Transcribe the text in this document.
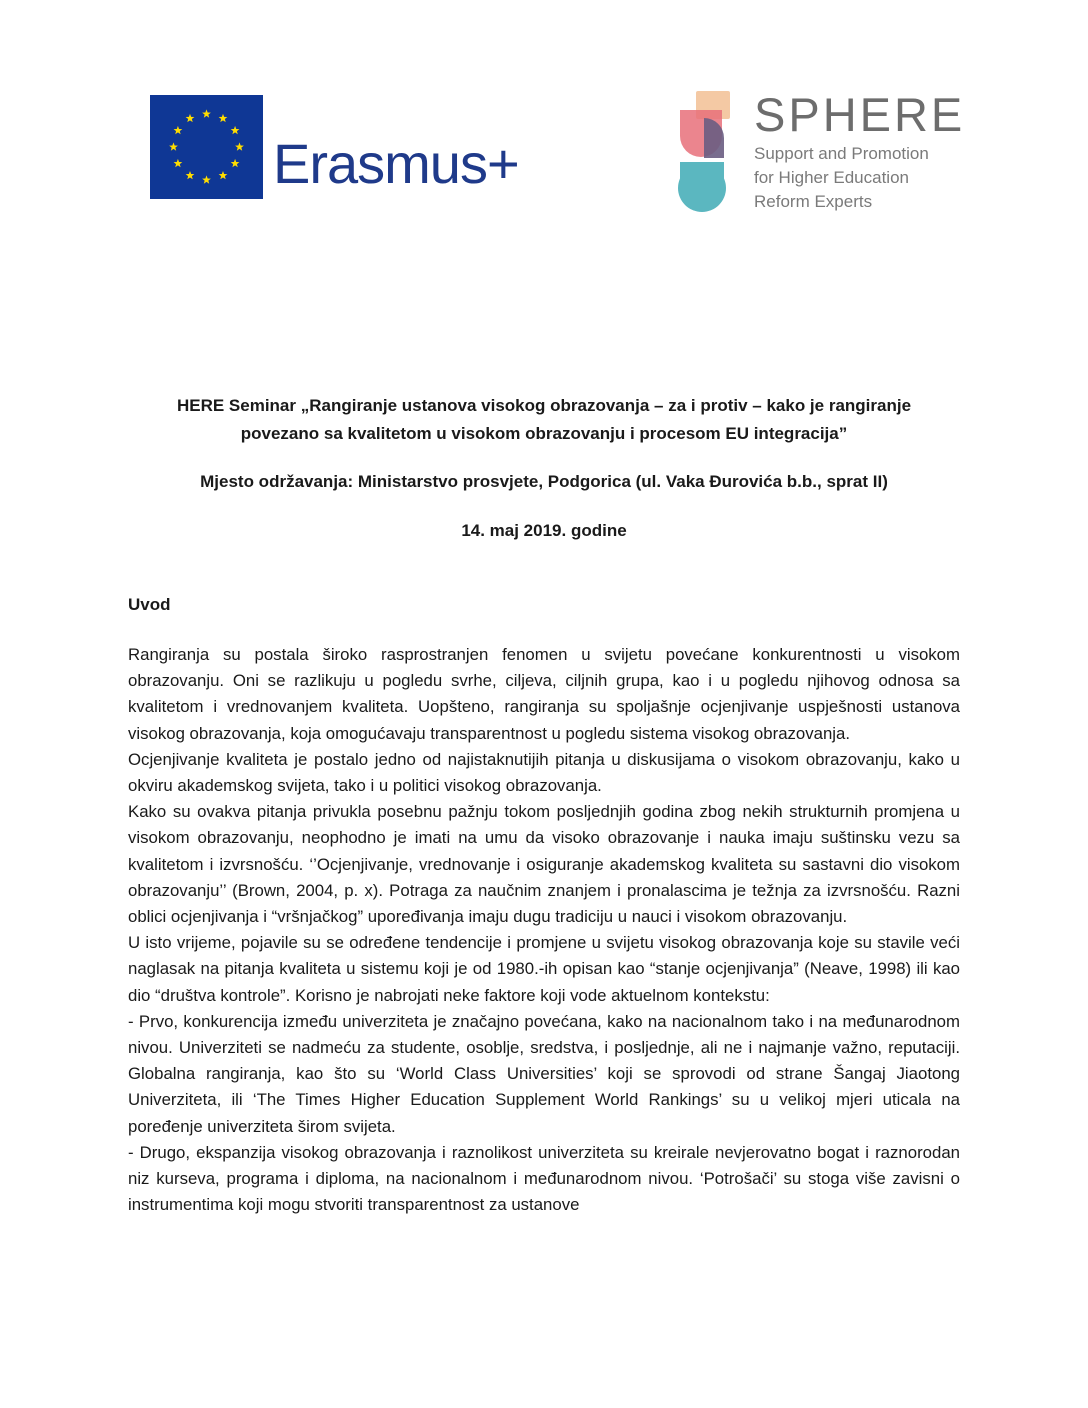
Erasmus+
SPHERE
Support and Promotion
for Higher Education
Reform Experts
HERE Seminar „Rangiranje ustanova visokog obrazovanja – za i protiv – kako je rangiranje
povezano sa kvalitetom u visokom obrazovanju i procesom EU integracija”
Mjesto održavanja: Ministarstvo prosvjete, Podgorica (ul. Vaka Đurovića b.b., sprat II)
14. maj 2019. godine
Uvod

Rangiranja su postala široko rasprostranjen fenomen u svijetu povećane konkurentnosti u visokom obrazovanju. Oni se razlikuju u pogledu svrhe, ciljeva, ciljnih grupa, kao i u pogledu njihovog odnosa sa kvalitetom i vrednovanjem kvaliteta. Uopšteno, rangiranja su spoljašnje ocjenjivanje uspješnosti ustanova visokog obrazovanja, koja omogućavaju transparentnost u pogledu sistema visokog obrazovanja.

Ocjenjivanje kvaliteta je postalo jedno od najistaknutijih pitanja u diskusijama o visokom obrazovanju, kako u okviru akademskog svijeta, tako i u politici visokog obrazovanja.

Kako su ovakva pitanja privukla posebnu pažnju tokom posljednjih godina zbog nekih strukturnih promjena u visokom obrazovanju, neophodno je imati na umu da visoko obrazovanje i nauka imaju suštinsku vezu sa kvalitetom i izvrsnošću. ‘’Ocjenjivanje, vrednovanje i osiguranje akademskog kvaliteta su sastavni dio visokom obrazovanju’’ (Brown, 2004, p. x). Potraga za naučnim znanjem i pronalascima je težnja za izvrsnošću. Razni oblici ocjenjivanja i “vršnjačkog” upoređivanja imaju dugu tradiciju u nauci i visokom obrazovanju.

U isto vrijeme, pojavile su se određene tendencije i promjene u svijetu visokog obrazovanja koje su stavile veći naglasak na pitanja kvaliteta u sistemu koji je od 1980.-ih opisan kao “stanje ocjenjivanja” (Neave, 1998) ili kao dio “društva kontrole”. Korisno je nabrojati neke faktore koji vode aktuelnom kontekstu:

- Prvo, konkurencija između univerziteta je značajno povećana, kako na nacionalnom tako i na međunarodnom nivou. Univerziteti se nadmeću za studente, osoblje, sredstva, i posljednje, ali ne i najmanje važno, reputaciji. Globalna rangiranja, kao što su ‘World Class Universities’ koji se sprovodi od strane Šangaj Jiaotong Univerziteta, ili ‘The Times Higher Education Supplement World Rankings’ su u velikoj mjeri uticala na poređenje univerziteta širom svijeta.

- Drugo, ekspanzija visokog obrazovanja i raznolikost univerziteta su kreirale nevjerovatno bogat i raznorodan niz kurseva, programa i diploma, na nacionalnom i međunarodnom nivou. ‘Potrošači’ su stoga više zavisni o instrumentima koji mogu stvoriti transparentnost za ustanove
